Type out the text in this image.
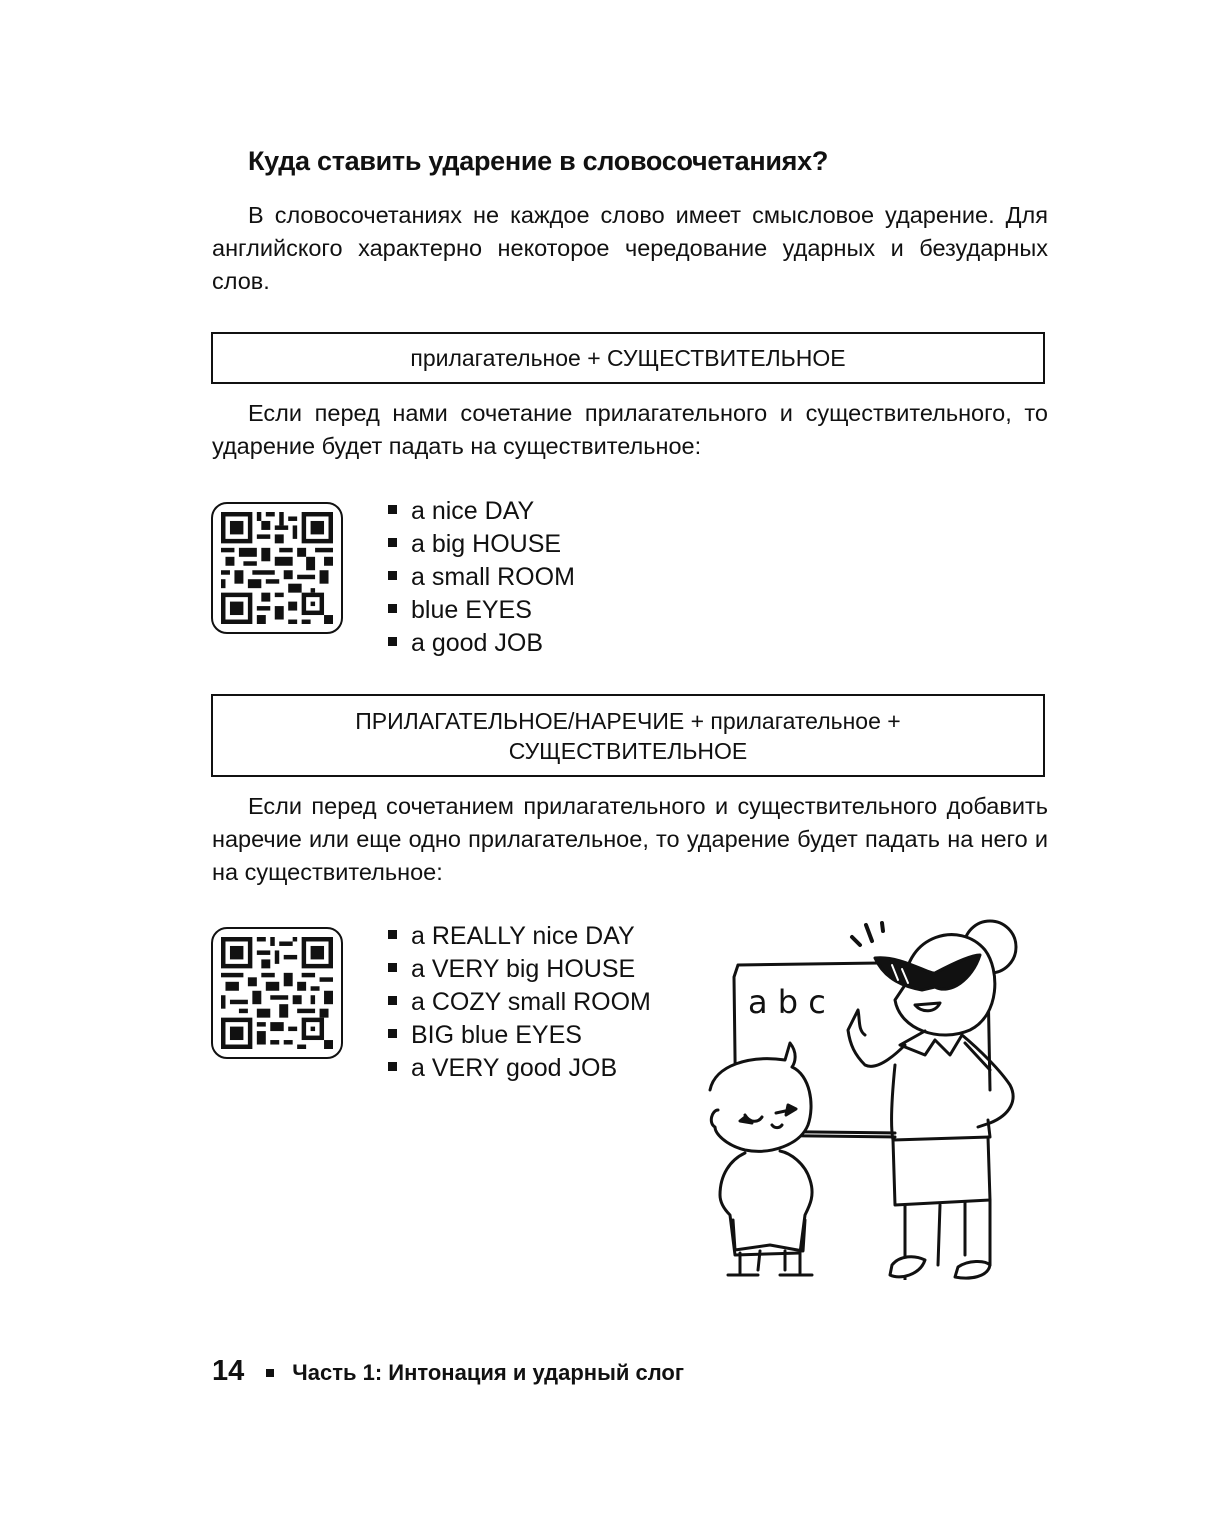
Куда ставить ударение в словосочетаниях?
В словосочетаниях не каждое слово имеет смысловое ударение. Для английского характерно некоторое чередование ударных и безударных слов.
прилагательное + СУЩЕСТВИТЕЛЬНОЕ
Если перед нами сочетание прилагательного и существительного, то ударение будет падать на существительное:
a nice DAY
a big HOUSE
a small ROOM
blue EYES
a good JOB
ПРИЛАГАТЕЛЬНОЕ/НАРЕЧИЕ + прилагательное +
СУЩЕСТВИТЕЛЬНОЕ
Если перед сочетанием прилагательного и существительного добавить наречие или еще одно прилагательное, то ударение будет падать на него и на существительное:
a REALLY nice DAY
a VERY big HOUSE
a COZY small ROOM
BIG blue EYES
a VERY good JOB
a b c
14 Часть 1: Интонация и ударный слог
